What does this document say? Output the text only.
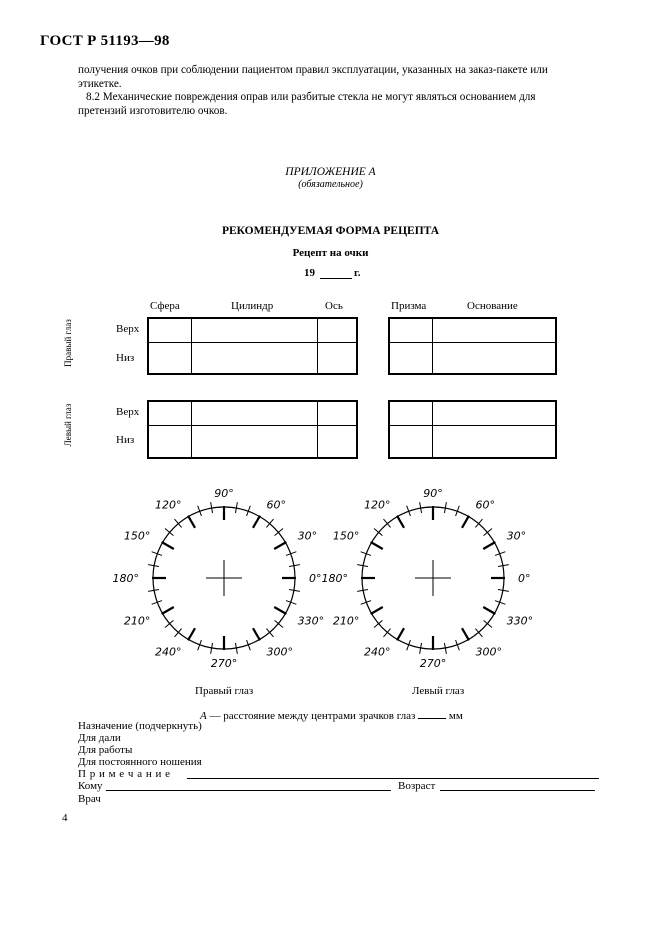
ГОСТ Р 51193—98
получения очков при соблюдении пациентом правил эксплуатации, указанных на заказ-пакете или
этикетке.
8.2 Механические повреждения оправ или разбитые стекла не могут являться основанием для
претензий изготовителю очков.
ПРИЛОЖЕНИЕ А
(обязательное)
РЕКОМЕНДУЕМАЯ ФОРМА РЕЦЕПТА
Рецепт на очки
19	г.
Сфера	Цилиндр	Ось	Призма	Основание
Правый глаз	Верх
Низ

Левый глаз	Верх
Низ

0°
30°
60°
90°
120°
150°
180°
210°
240°
270°
300°
330°
0°
30°
60°
90°
120°
150°
180°
210°
240°
270°
300°
330°
Правый глаз	Левый глаз
А — расстояние между центрами зрачков глаз	мм
Назначение (подчеркнуть)
Для дали
Для работы
Для постоянного ношения
П р и м е ч а н и е
Кому	Возраст
Врач
4
